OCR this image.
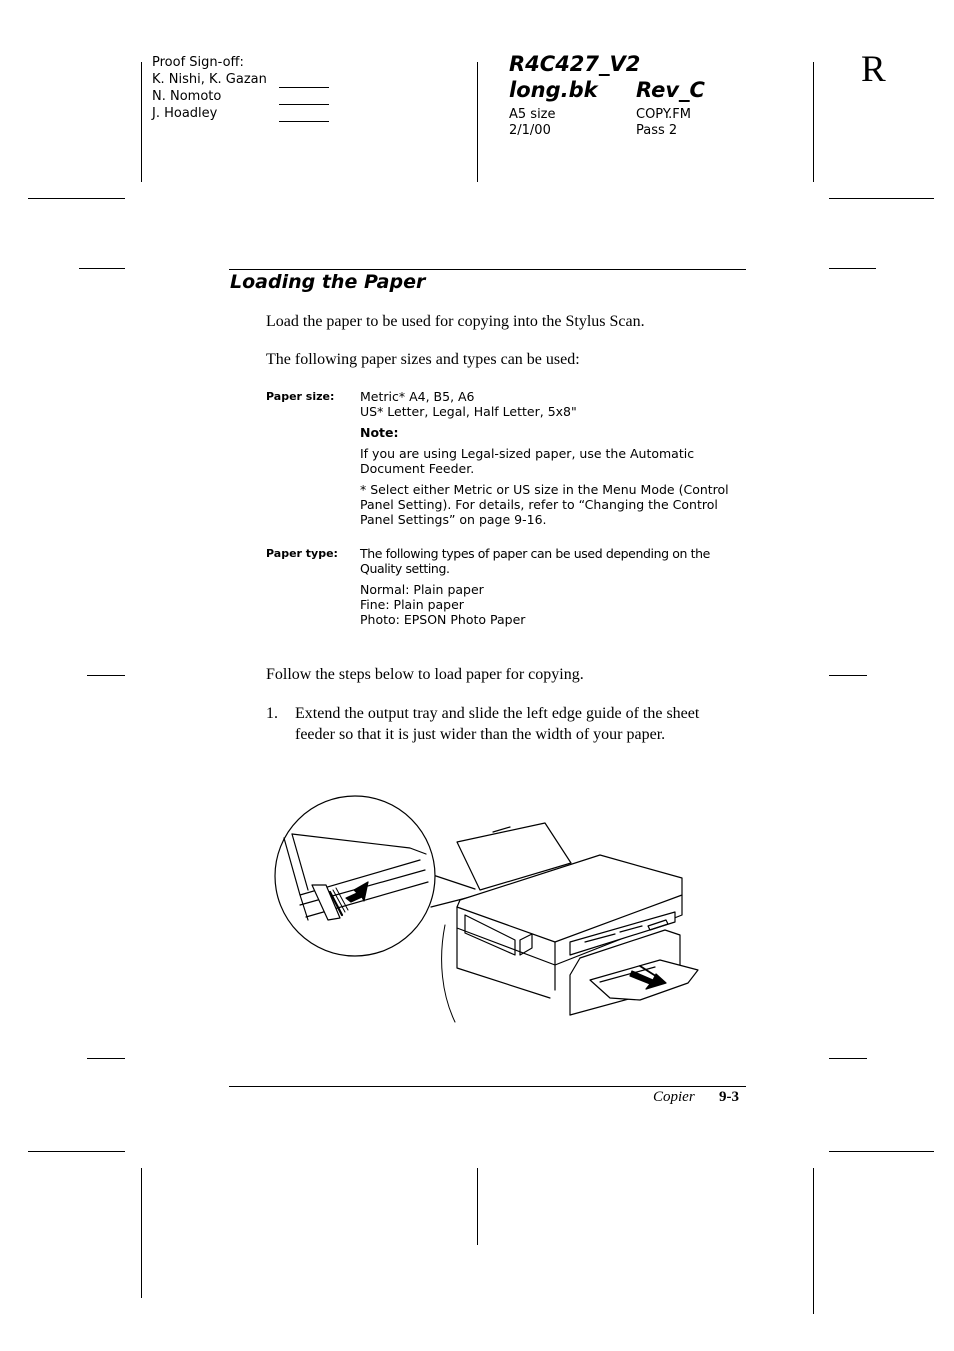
Proof Sign-off:
K. Nishi, K. Gazan
N. Nomoto
J. Hoadley
R4C427_V2
long.bk Rev_C
A5 size
2/1/00
COPY.FM
Pass 2
R
Loading the Paper
Load the paper to be used for copying into the Stylus Scan.
The following paper sizes and types can be used:
Paper size: Metric* A4, B5, A6
US* Letter, Legal, Half Letter, 5x8"
Note:
If you are using Legal-sized paper, use the Automatic Document Feeder.
* Select either Metric or US size in the Menu Mode (Control Panel Setting). For details, refer to “Changing the Control Panel Settings” on page 9-16.
Paper type: The following types of paper can be used depending on the Quality setting.
Normal: Plain paper
Fine: Plain paper
Photo: EPSON Photo Paper
Follow the steps below to load paper for copying.
1.	Extend the output tray and slide the left edge guide of the sheet feeder so that it is just wider than the width of your paper.
Copier 9-3
